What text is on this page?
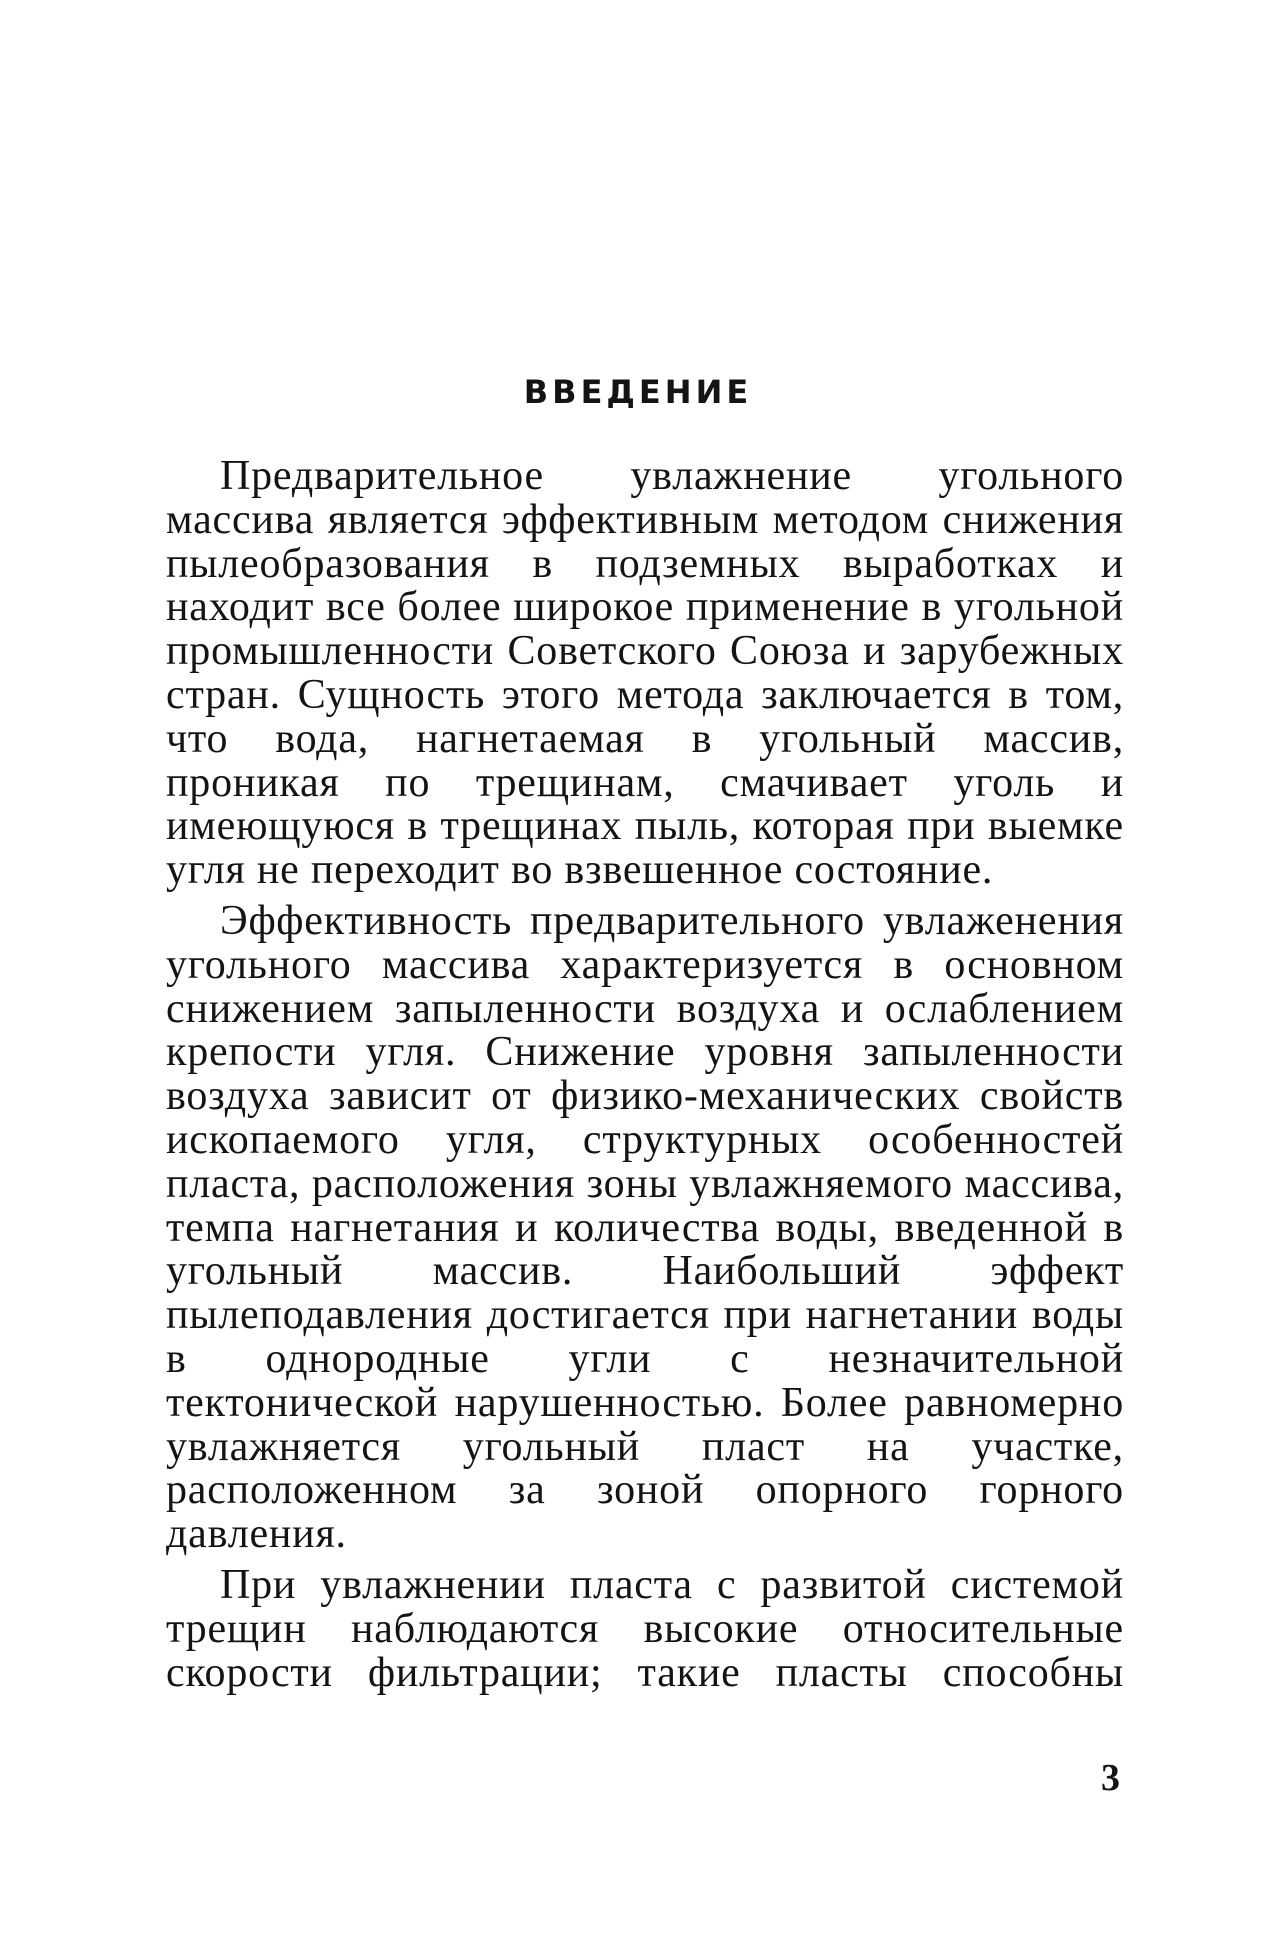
ВВЕДЕНИЕ

Предварительное увлажнение угольного массива является эффективным методом снижения пылеобразования в подземных выработках и находит все более широкое применение в угольной промышленности Советского Союза и зарубежных стран. Сущность этого метода заключается в том, что вода, нагнетаемая в угольный массив, проникая по трещинам, смачивает уголь и имеющуюся в трещинах пыль, которая при выемке угля не переходит во взвешенное состояние.

Эффективность предварительного увлаженения угольного массива характеризуется в основном снижением запыленности воздуха и ослаблением крепости угля. Снижение уровня запыленности воздуха зависит от физико-механических свойств ископаемого угля, структурных особенностей пласта, расположения зоны увлажняемого массива, темпа нагнетания и количества воды, введенной в угольный массив. Наибольший эффект пылеподавления достигается при нагнетании воды в однородные угли с незначительной тектонической нарушенностью. Более равномерно увлажняется угольный пласт на участке, расположенном за зоной опорного горного давления.

При увлажнении пласта с развитой системой трещин наблюдаются высокие относительные скорости фильтрации; такие пласты способны

3
